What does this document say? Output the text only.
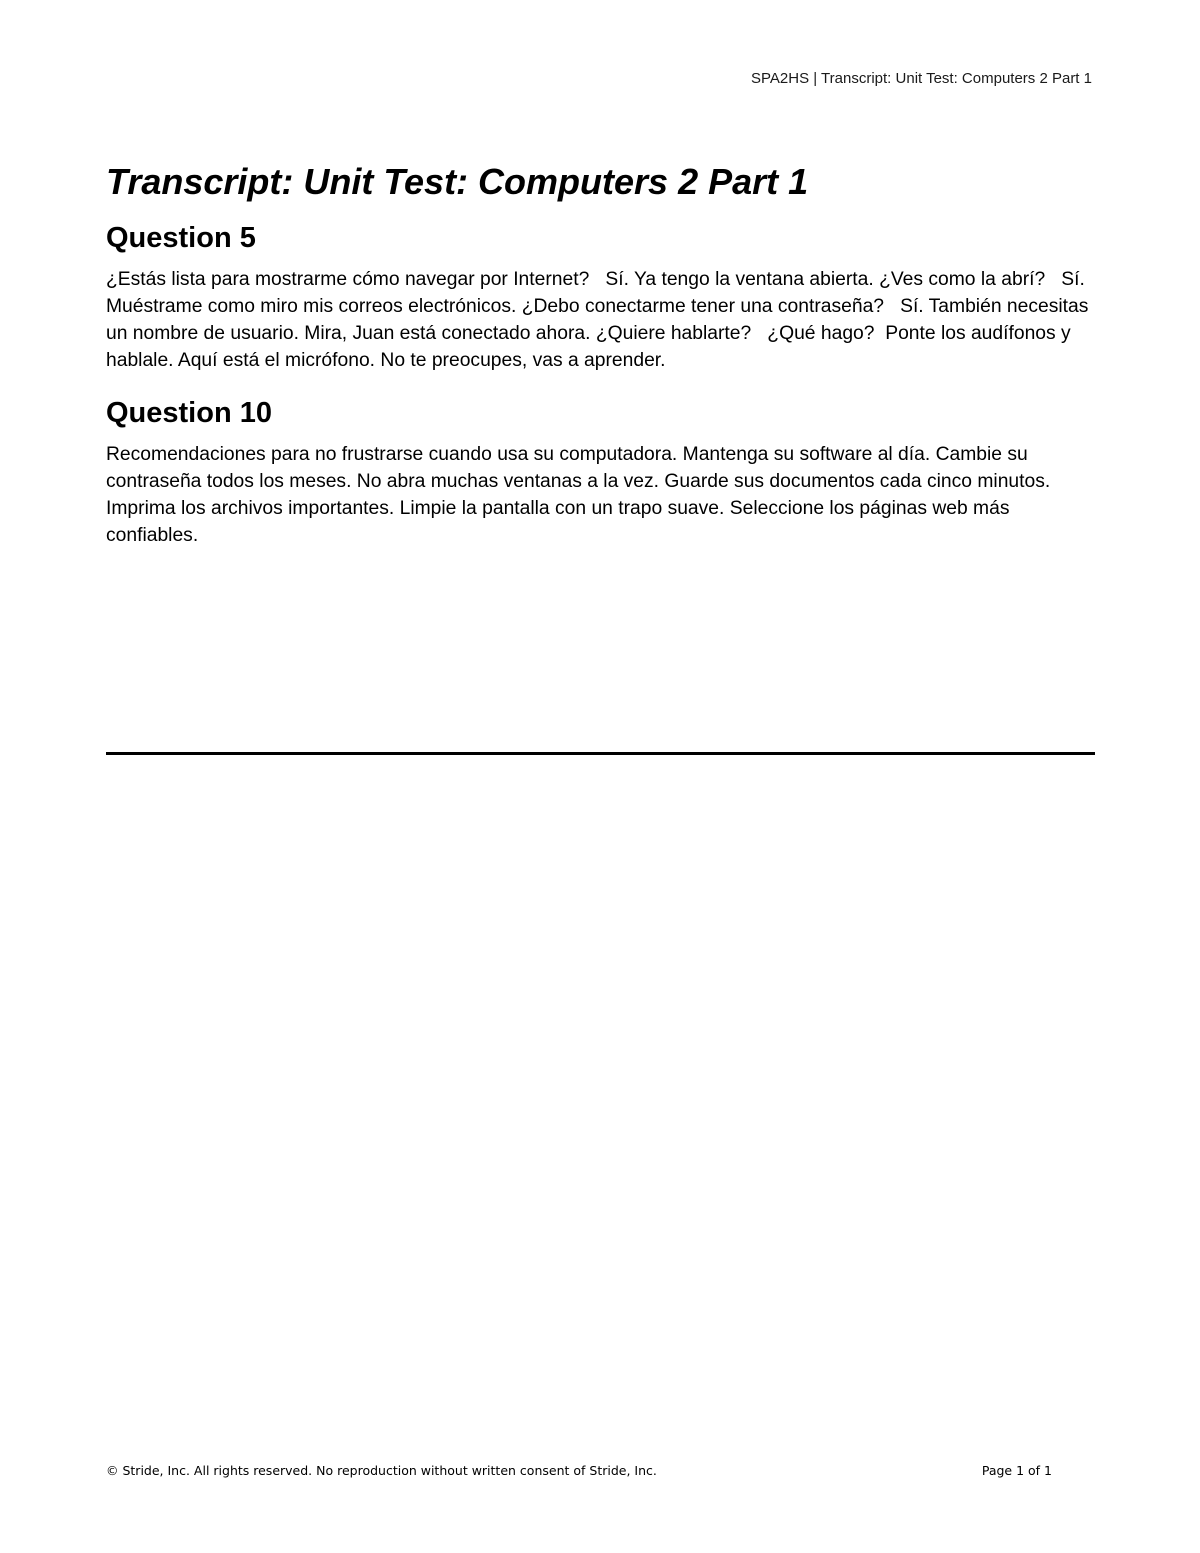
SPA2HS | Transcript: Unit Test: Computers 2 Part 1
Transcript: Unit Test: Computers 2 Part 1
Question 5

¿Estás lista para mostrarme cómo navegar por Internet?   Sí. Ya tengo la ventana abierta. ¿Ves como la abrí?   Sí. Muéstrame como miro mis correos electrónicos. ¿Debo conectarme tener una contraseña?   Sí. También necesitas un nombre de usuario. Mira, Juan está conectado ahora. ¿Quiere hablarte?   ¿Qué hago?  Ponte los audífonos y hablale. Aquí está el micrófono. No te preocupes, vas a aprender.

Question 10

Recomendaciones para no frustrarse cuando usa su computadora. Mantenga su software al día. Cambie su contraseña todos los meses. No abra muchas ventanas a la vez. Guarde sus documentos cada cinco minutos. Imprima los archivos importantes. Limpie la pantalla con un trapo suave. Seleccione los páginas web más confiables.

© Stride, Inc. All rights reserved. No reproduction without written consent of Stride, Inc.	Page 1 of 1
